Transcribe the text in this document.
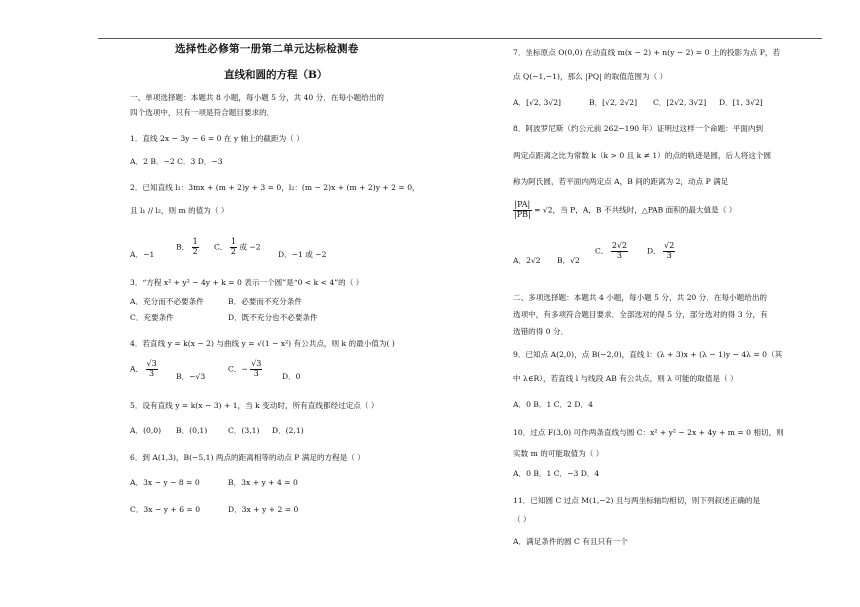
选择性必修第一册第二单元达标检测卷
直线和圆的方程（B）
一、单项选择题：本题共 8 小题，每小题 5 分，共 40 分．在每小题给出的
四个选项中，只有一项是符合题目要求的．
1．直线 2x − 3y − 6 = 0 在 y 轴上的截距为（ ）
A．2 B．−2 C．3 D．−3
2．已知直线 l₁：3mx + (m + 2)y + 3 = 0，l₂：(m − 2)x + (m + 2)y + 2 = 0，
且 l₁ // l₂，则 m 的值为（ ）
A．−1
B． $\frac{1}{2}$ C． $\frac{1}{2}$ 或 −2
D．−1 或 −2
3．“方程 x² + y² − 4y + k = 0 表示一个圆”是“0 < k < 4”的（ ）
A．充分而不必要条件	B．必要而不充分条件
C．充要条件	D．既不充分也不必要条件
4．若直线 y = k(x − 2) 与曲线 y = √(1 − x²) 有公共点，则 k 的最小值为( )
A． $\frac{√3}{3}$ B．−√3
C．− $\frac{√3}{3}$	D．0
5．设有直线 y = k(x − 3) + 1，当 k 变动时，所有直线都经过定点（ ）
A．(0,0) B．(0,1)	C．(3,1) D．(2,1)
6．到 A(1,3)，B(−5,1) 两点的距离相等的动点 P 满足的方程是（ ）
A．3x − y − 8 = 0	B．3x + y + 4 = 0
C．3x − y + 6 = 0	D．3x + y + 2 = 0
7．坐标原点 O(0,0) 在动直线 m(x − 2) + n(y − 2) = 0 上的投影为点 P，若
点 Q(−1,−1)，那么 |PQ| 的取值范围为（ ）
A．[√2, 3√2]	B．[√2, 2√2] C．[2√2, 3√2] D．[1, 3√2]
8．阿波罗尼斯（约公元前 262−190 年）证明过这样一个命题：平面内到
两定点距离之比为常数 k（k > 0 且 k ≠ 1）的点的轨迹是圆，后人将这个圆
称为阿氏圆，若平面内两定点 A，B 间的距离为 2，动点 P 满足
$\frac{|PA|}{|PB|} = √2$，当 P，A，B 不共线时，△PAB 面积的最大值是（ ）
A．2√2 B．√2
C． $\frac{2√2}{3}$ D． $\frac{√2}{3}$
二、多项选择题：本题共 4 小题，每小题 5 分，共 20 分．在每小题给出的
选项中，有多项符合题目要求．全部选对的得 5 分，部分选对的得 3 分，有
选错的得 0 分．
9．已知点 A(2,0)，点 B(−2,0)，直线 l：(λ + 3)x + (λ − 1)y − 4λ = 0（其
中 λ∈R），若直线 l 与线段 AB 有公共点，则 λ 可能的取值是（ ）
A．0 B．1 C．2 D．4
10．过点 F(3,0) 可作两条直线与圆 C：x² + y² − 2x + 4y + m = 0 相切，则
实数 m 的可能取值为（ ）
A．0 B．1 C．−3 D．4
11．已知圆 C 过点 M(1,−2) 且与两坐标轴均相切，则下列叙述正确的是
（ ）
A．满足条件的圆 C 有且只有一个
